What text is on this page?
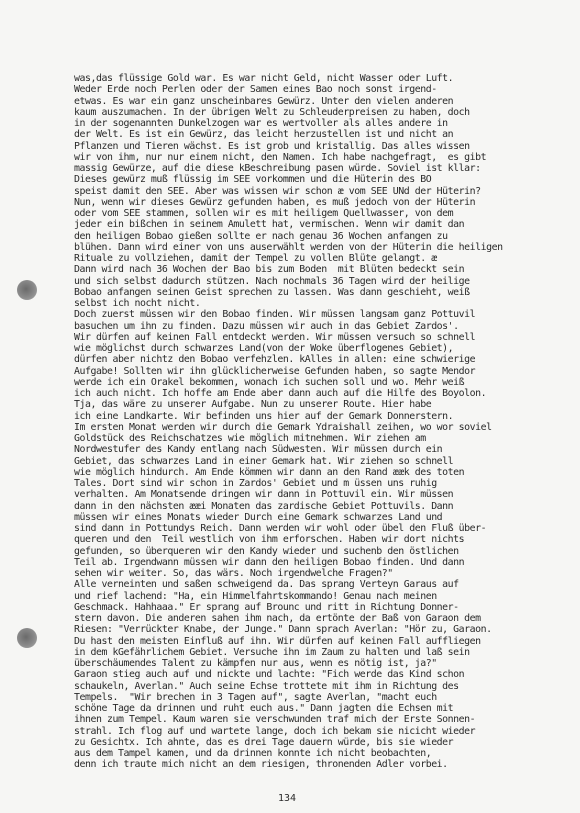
was,das flüssige Gold war. Es war nicht Geld, nicht Wasser oder Luft.
Weder Erde noch Perlen oder der Samen eines Bao noch sonst irgend-
etwas. Es war ein ganz unscheinbares Gewürz. Unter den vielen anderen
kaum auszumachen. In der übrigen Welt zu Schleuderpreisen zu haben, doch
in der sogenannten Dunkelzogen war es wertvoller als alles andere in
der Welt. Es ist ein Gewürz, das leicht herzustellen ist und nicht an
Pflanzen und Tieren wächst. Es ist grob und kristallig. Das alles wissen
wir von ihm, nur nur einem nicht, den Namen. Ich habe nachgefragt,  es gibt
massig Gewürze, auf die diese kBeschreibung pasen würde. Soviel ist kllar:
Dieses gewürz muß flüssig im SEE vorkommen und die Hüterin des BO
speist damit den SEE. Aber was wissen wir schon æ vom SEE UNd der Hüterin?
Nun, wenn wir dieses Gewürz gefunden haben, es muß jedoch von der Hüterin
oder vom SEE stammen, sollen wir es mit heiligem Quellwasser, von dem
jeder ein bißchen in seinem Amulett hat, vermischen. Wenn wir damit dan
den heiligen Bobao gießen sollte er nach genau 36 Wochen anfangen zu
blühen. Dann wird einer von uns auserwählt werden von der Hüterin die heiligen
Rituale zu vollziehen, damit der Tempel zu vollen Blüte gelangt. æ
Dann wird nach 36 Wochen der Bao bis zum Boden  mit Blüten bedeckt sein
und sich selbst dadurch stützen. Nach nochmals 36 Tagen wird der heilige
Bobao anfangen seinen Geist sprechen zu lassen. Was dann geschieht, weiß
selbst ich nocht nicht.
Doch zuerst müssen wir den Bobao finden. Wir müssen langsam ganz Pottuvil
basuchen um ihn zu finden. Dazu müssen wir auch in das Gebiet Zardos'.
Wir dürfen auf keinen Fall entdeckt werden. Wir müssen versuch so schnell
wie möglichst durch schwarzes Land(von der Woke überflogenes Gebiet),
dürfen aber nichtz den Bobao verfehzlen. kAlles in allen: eine schwierige
Aufgabe! Sollten wir ihn glücklicherweise Gefunden haben, so sagte Mendor
werde ich ein Orakel bekommen, wonach ich suchen soll und wo. Mehr weiß
ich auch nicht. Ich hoffe am Ende aber dann auch auf die Hilfe des Boyolon.
Tja, das wäre zu unserer Aufgabe. Nun zu unserer Route. Hier habe
ich eine Landkarte. Wir befinden uns hier auf der Gemark Donnerstern.
Im ersten Monat werden wir durch die Gemark Ydraishall zeihen, wo wor soviel
Goldstück des Reichschatzes wie möglich mitnehmen. Wir ziehen am
Nordwestufer des Kandy entlang nach Südwesten. Wir müssen durch ein
Gebiet, das schwarzes Land in einer Gemark hat. Wir ziehen so schnell
wie möglich hindurch. Am Ende kömmen wir dann an den Rand ææk des toten
Tales. Dort sind wir schon in Zardos' Gebiet und m üssen uns ruhig
verhalten. Am Monatsende dringen wir dann in Pottuvil ein. Wir müssen
dann in den nächsten ææi Monaten das zardische Gebiet Pottuvils. Dann
müssen wir eines Monats wieder Durch eine Gemark schwarzes Land und
sind dann in Pottundys Reich. Dann werden wir wohl oder übel den Fluß über-
queren und den  Teil westlich von ihm erforschen. Haben wir dort nichts
gefunden, so überqueren wir den Kandy wieder und suchenb den östlichen
Teil ab. Irgendwann müssen wir dann den heiligen Bobao finden. Und dann
sehen wir weiter. So, das wärs. Noch irgendwelche Fragen?"
Alle verneinten und saßen schweigend da. Das sprang Verteyn Garaus auf
und rief lachend: "Ha, ein Himmelfahrtskommando! Genau nach meinen
Geschmack. Hahhaaa." Er sprang auf Brounc und ritt in Richtung Donner-
stern davon. Die anderen sahen ihm nach, da ertönte der Baß von Garaon dem
Riesen: "Verrückter Knabe, der Junge." Dann sprach Averlan: "Hör zu, Garaon.
Du hast den meisten Einfluß auf ihn. Wir dürfen auf keinen Fall auffliegen
in dem kGefährlichem Gebiet. Versuche ihn im Zaum zu halten und laß sein
überschäumendes Talent zu kämpfen nur aus, wenn es nötig ist, ja?"
Garaon stieg auch auf und nickte und lachte: "Fich werde das Kind schon
schaukeln, Averlan." Auch seine Echse trottete mit ihm in Richtung des
Tempels.  "Wir brechen in 3 Tagen auf", sagte Averlan, "macht euch
schöne Tage da drinnen und ruht euch aus." Dann jagten die Echsen mit
ihnen zum Tempel. Kaum waren sie verschwunden traf mich der Erste Sonnen-
strahl. Ich flog auf und wartete lange, doch ich bekam sie nicicht wieder
zu Gesichtx. Ich ahnte, das es drei Tage dauern würde, bis sie wieder
aus dem Tampel kamen, und da drinnen konnte ich nicht beobachten,
denn ich traute mich nicht an dem riesigen, thronenden Adler vorbei.
134
